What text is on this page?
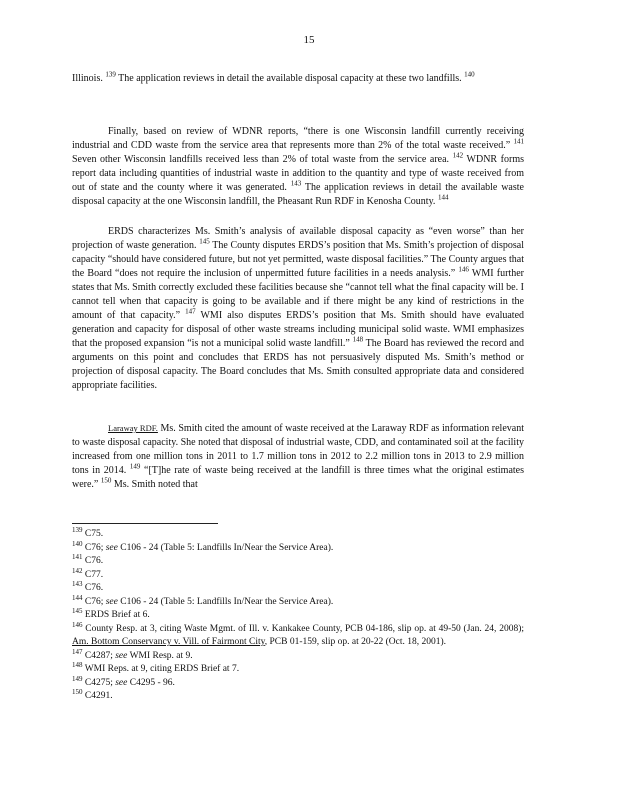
15

Illinois. $^{139}$ The application reviews in detail the available disposal capacity at these two landfills. $^{140}$

Finally, based on review of WDNR reports, “there is one Wisconsin landfill currently receiving industrial and CDD waste from the service area that represents more than 2% of the total waste received.” $^{141}$ Seven other Wisconsin landfills received less than 2% of total waste from the service area. $^{142}$ WDNR forms report data including quantities of industrial waste in addition to the quantity and type of waste received from out of state and the county where it was generated. $^{143}$ The application reviews in detail the available waste disposal capacity at the one Wisconsin landfill, the Pheasant Run RDF in Kenosha County. $^{144}$

ERDS characterizes Ms. Smith’s analysis of available disposal capacity as “even worse” than her projection of waste generation. $^{145}$ The County disputes ERDS’s position that Ms. Smith’s projection of disposal capacity “should have considered future, but not yet permitted, waste disposal facilities.” The County argues that the Board “does not require the inclusion of unpermitted future facilities in a needs analysis.” $^{146}$ WMI further states that Ms. Smith correctly excluded these facilities because she “cannot tell what the final capacity will be. I cannot tell when that capacity is going to be available and if there might be any kind of restrictions in the amount of that capacity.” $^{147}$ WMI also disputes ERDS’s position that Ms. Smith should have evaluated generation and capacity for disposal of other waste streams including municipal solid waste. WMI emphasizes that the proposed expansion “is not a municipal solid waste landfill.” $^{148}$ The Board has reviewed the record and arguments on this point and concludes that ERDS has not persuasively disputed Ms. Smith’s method or projection of disposal capacity. The Board concludes that Ms. Smith consulted appropriate data and considered appropriate facilities.

Laraway RDF. Ms. Smith cited the amount of waste received at the Laraway RDF as information relevant to waste disposal capacity. She noted that disposal of industrial waste, CDD, and contaminated soil at the facility increased from one million tons in 2011 to 1.7 million tons in 2012 to 2.2 million tons in 2013 to 2.9 million tons in 2014. $^{149}$ “[T]he rate of waste being received at the landfill is three times what the original estimates were.” $^{150}$ Ms. Smith noted that

$^{139}$ C75.

$^{140}$ C76; see C106 - 24 (Table 5: Landfills In/Near the Service Area).

$^{141}$ C76.

$^{142}$ C77.

$^{143}$ C76.

$^{144}$ C76; see C106 - 24 (Table 5: Landfills In/Near the Service Area).

$^{145}$ ERDS Brief at 6.

$^{146}$ County Resp. at 3, citing Waste Mgmt. of Ill. v. Kankakee County, PCB 04-186, slip op. at 49-50 (Jan. 24, 2008); Am. Bottom Conservancy v. Vill. of Fairmont City, PCB 01-159, slip op. at 20-22 (Oct. 18, 2001).

$^{147}$ C4287; see WMI Resp. at 9.

$^{148}$ WMI Reps. at 9, citing ERDS Brief at 7.

$^{149}$ C4275; see C4295 - 96.

$^{150}$ C4291.
